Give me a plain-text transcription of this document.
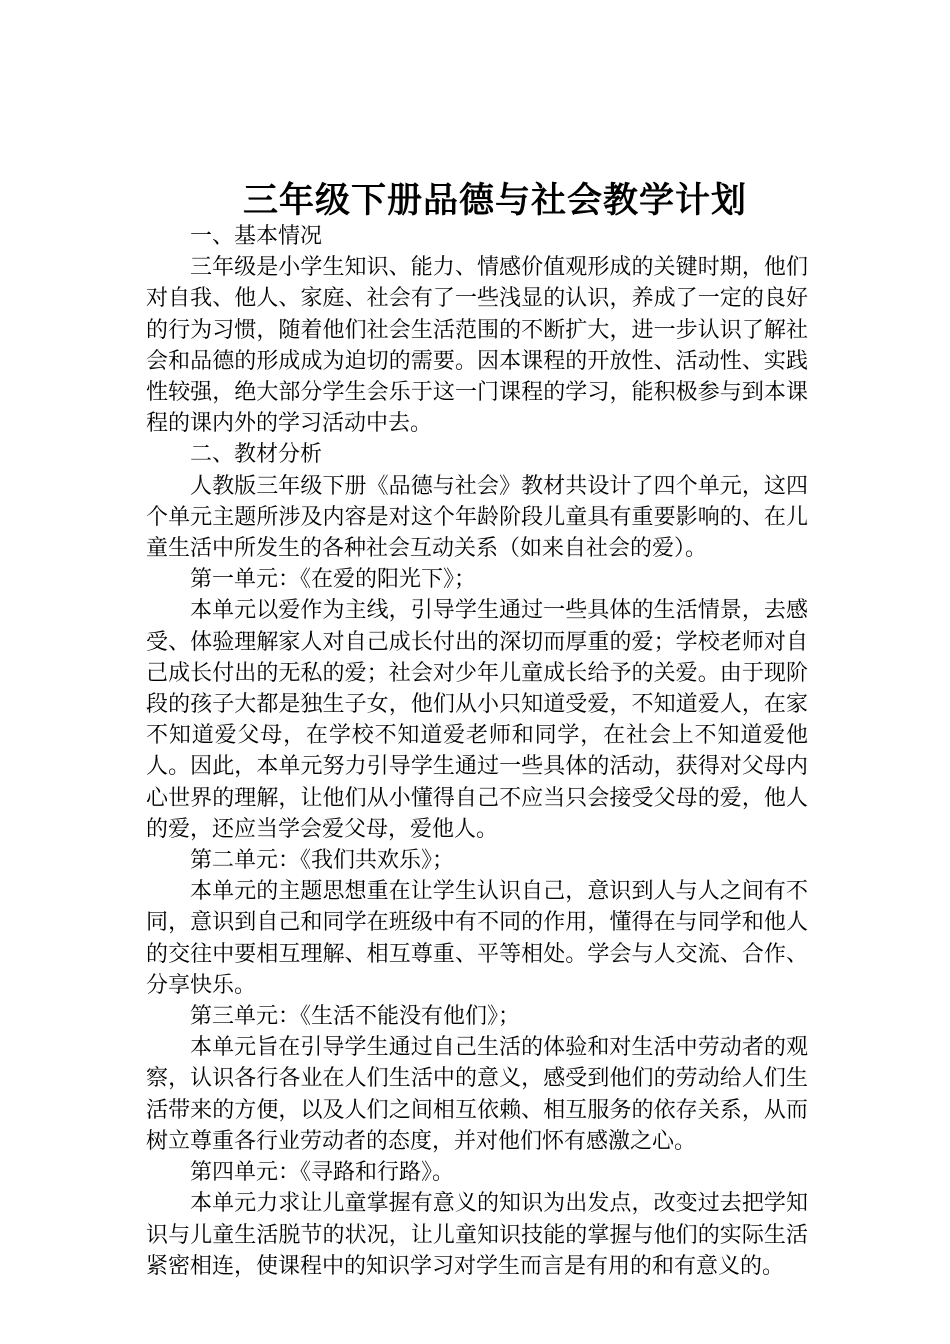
三年级下册品德与社会教学计划

一、基本情况

三年级是小学生知识、能力、情感价值观形成的关键时期，他们对自我、他人、家庭、社会有了一些浅显的认识，养成了一定的良好的行为习惯，随着他们社会生活范围的不断扩大，进一步认识了解社会和品德的形成成为迫切的需要。因本课程的开放性、活动性、实践性较强，绝大部分学生会乐于这一门课程的学习，能积极参与到本课程的课内外的学习活动中去。

二、教材分析

人教版三年级下册《品德与社会》教材共设计了四个单元，这四个单元主题所涉及内容是对这个年龄阶段儿童具有重要影响的、在儿童生活中所发生的各种社会互动关系（如来自社会的爱）。

第一单元：《在爱的阳光下》；

本单元以爱作为主线，引导学生通过一些具体的生活情景，去感受、体验理解家人对自己成长付出的深切而厚重的爱；学校老师对自己成长付出的无私的爱；社会对少年儿童成长给予的关爱。由于现阶段的孩子大都是独生子女，他们从小只知道受爱，不知道爱人，在家不知道爱父母，在学校不知道爱老师和同学，在社会上不知道爱他人。因此，本单元努力引导学生通过一些具体的活动，获得对父母内心世界的理解，让他们从小懂得自己不应当只会接受父母的爱，他人的爱，还应当学会爱父母，爱他人。

第二单元：《我们共欢乐》；

本单元的主题思想重在让学生认识自己，意识到人与人之间有不同，意识到自己和同学在班级中有不同的作用，懂得在与同学和他人的交往中要相互理解、相互尊重、平等相处。学会与人交流、合作、分享快乐。

第三单元：《生活不能没有他们》；

本单元旨在引导学生通过自己生活的体验和对生活中劳动者的观察，认识各行各业在人们生活中的意义，感受到他们的劳动给人们生活带来的方便，以及人们之间相互依赖、相互服务的依存关系，从而树立尊重各行业劳动者的态度，并对他们怀有感激之心。

第四单元：《寻路和行路》。

本单元力求让儿童掌握有意义的知识为出发点，改变过去把学知识与儿童生活脱节的状况，让儿童知识技能的掌握与他们的实际生活紧密相连，使课程中的知识学习对学生而言是有用的和有意义的。
